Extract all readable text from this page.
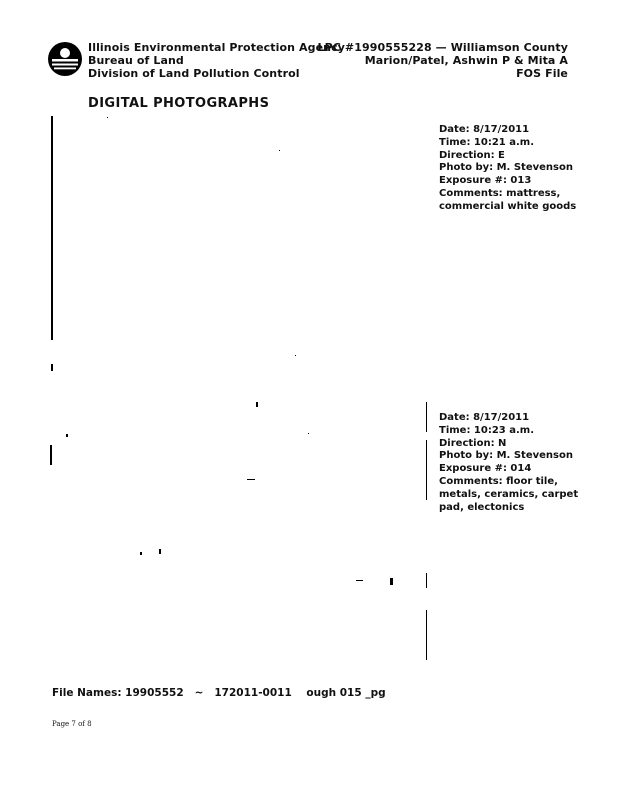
Illinois Environmental Protection Agency
Bureau of Land
Division of Land Pollution Control
LPC #1990555228 — Williamson County
Marion/Patel, Ashwin P & Mita A
FOS File
DIGITAL PHOTOGRAPHS
Date: 8/17/2011
Time: 10:21 a.m.
Direction: E
Photo by: M. Stevenson
Exposure #: 013
Comments: mattress,
commercial white goods
Date: 8/17/2011
Time: 10:23 a.m.
Direction: N
Photo by: M. Stevenson
Exposure #: 014
Comments: floor tile,
metals, ceramics, carpet
pad, electonics
File Names: 19905552   ~   172011-0011    ough 015 _pg
Page 7 of 8
